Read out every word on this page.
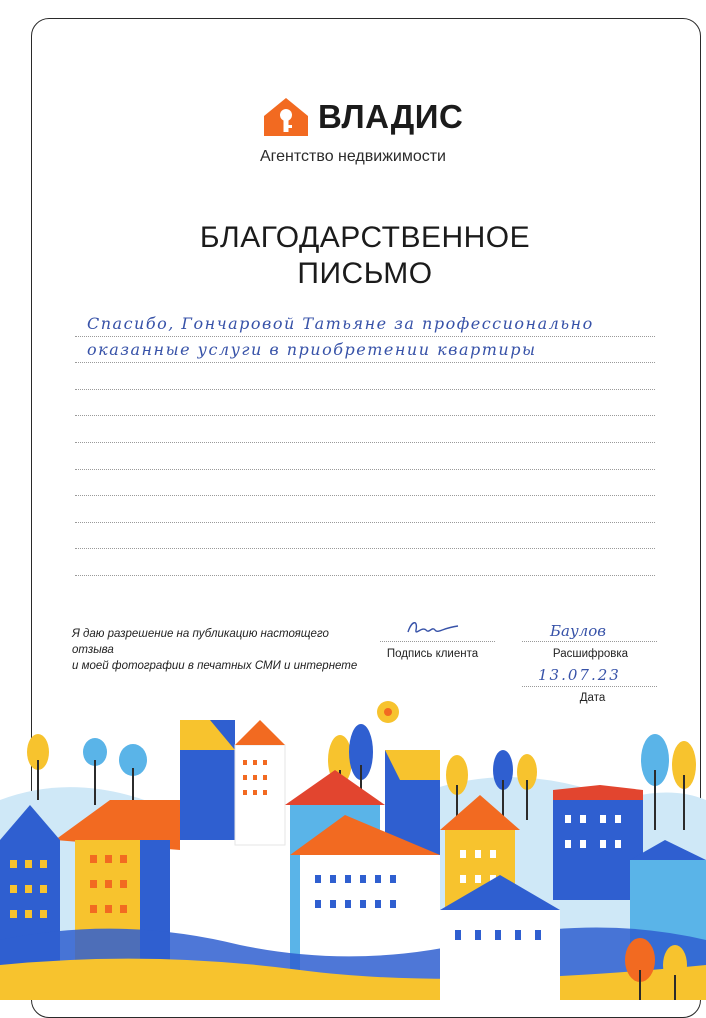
ВЛАДИС
Агентство недвижимости
БЛАГОДАРСТВЕННОЕ
ПИСЬМО
Спасибо, Гончаровой Татьяне за профессионально
оказанные услуги в приобретении квартиры
Я даю разрешение на публикацию настоящего отзыва
и моей фотографии в печатных СМИ и интернете
Подпись клиента
Баулов
Расшифровка
13.07.23
Дата
